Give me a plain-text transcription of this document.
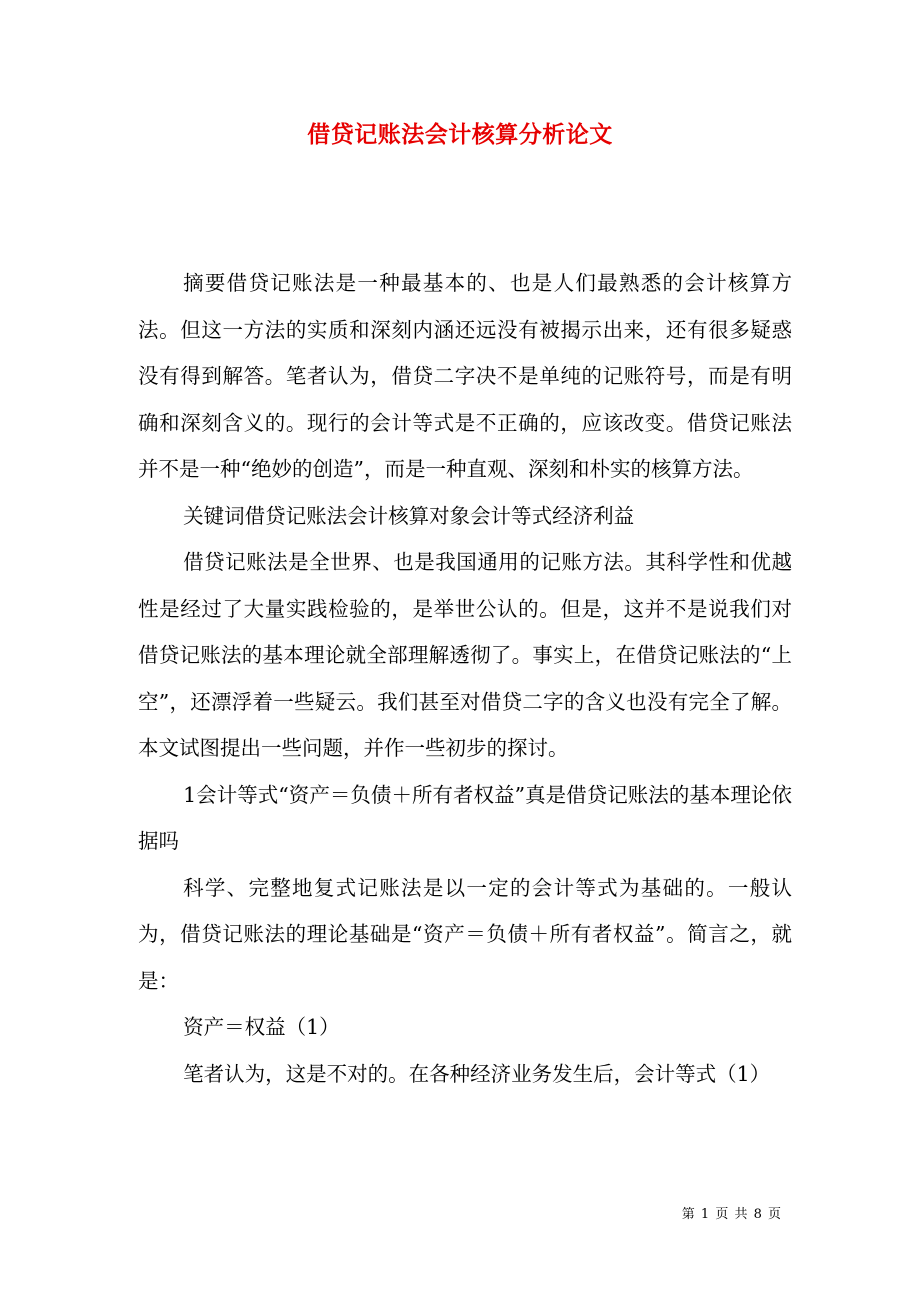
借贷记账法会计核算分析论文

摘要借贷记账法是一种最基本的、也是人们最熟悉的会计核算方法。但这一方法的实质和深刻内涵还远没有被揭示出来，还有很多疑惑没有得到解答。笔者认为，借贷二字决不是单纯的记账符号，而是有明确和深刻含义的。现行的会计等式是不正确的，应该改变。借贷记账法并不是一种“绝妙的创造”，而是一种直观、深刻和朴实的核算方法。

关键词借贷记账法会计核算对象会计等式经济利益

借贷记账法是全世界、也是我国通用的记账方法。其科学性和优越性是经过了大量实践检验的，是举世公认的。但是，这并不是说我们对借贷记账法的基本理论就全部理解透彻了。事实上，在借贷记账法的“上空”，还漂浮着一些疑云。我们甚至对借贷二字的含义也没有完全了解。本文试图提出一些问题，并作一些初步的探讨。

1会计等式“资产＝负债＋所有者权益”真是借贷记账法的基本理论依据吗

科学、完整地复式记账法是以一定的会计等式为基础的。一般认为，借贷记账法的理论基础是“资产＝负债＋所有者权益”。简言之，就是：

资产＝权益（1）

笔者认为，这是不对的。在各种经济业务发生后，会计等式（1）

第 1 页 共 8 页
